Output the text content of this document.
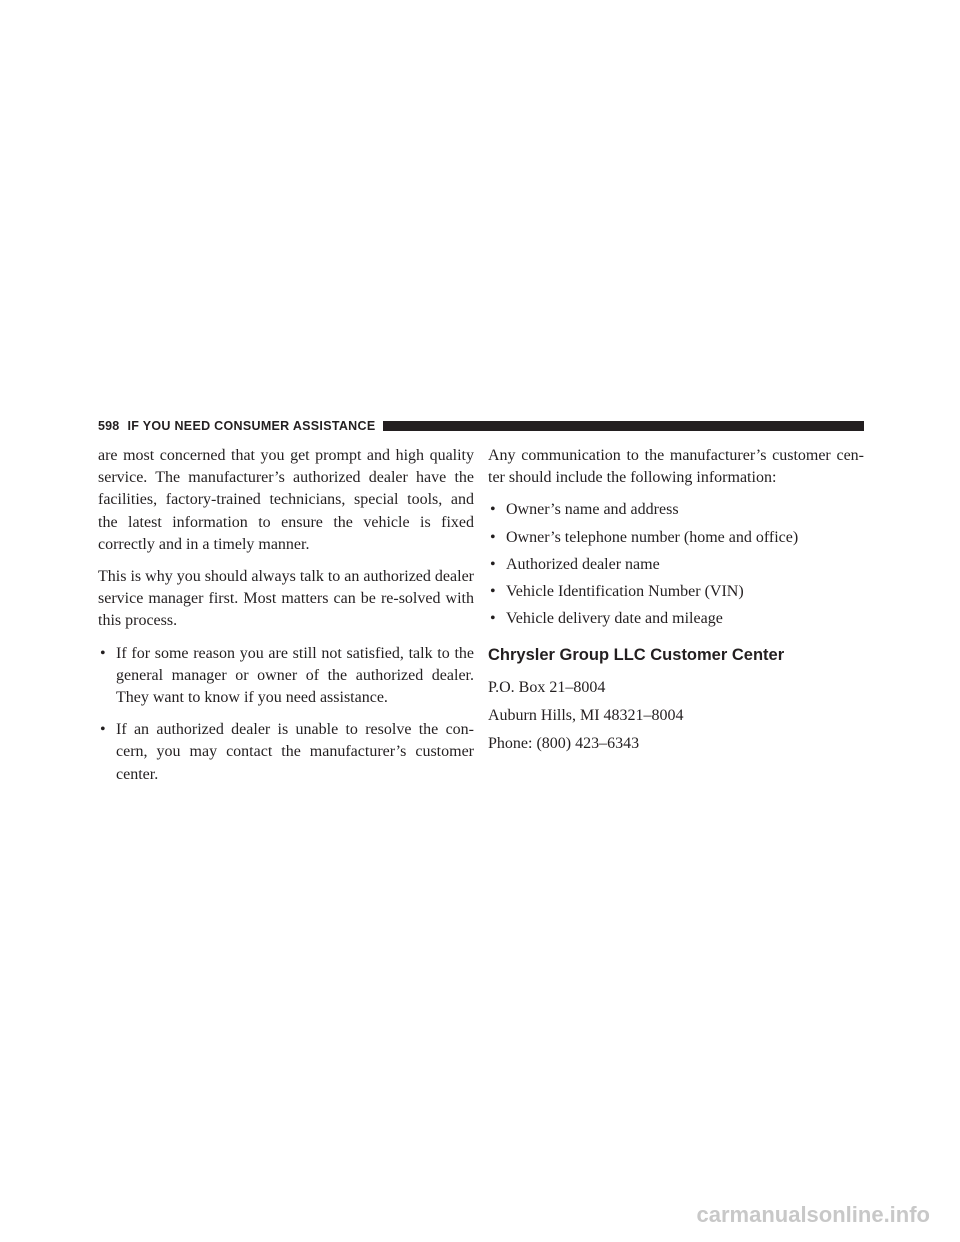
598 IF YOU NEED CONSUMER ASSISTANCE

are most concerned that you get prompt and high quality service. The manufacturer’s authorized dealer have the facilities, factory-trained technicians, special tools, and the latest information to ensure the vehicle is fixed correctly and in a timely manner.

This is why you should always talk to an authorized dealer service manager first. Most matters can be re-solved with this process.

• If for some reason you are still not satisfied, talk to the general manager or owner of the authorized dealer. They want to know if you need assistance.
• If an authorized dealer is unable to resolve the con-cern, you may contact the manufacturer’s customer center.

Any communication to the manufacturer’s customer cen-ter should include the following information:

• Owner’s name and address
• Owner’s telephone number (home and office)
• Authorized dealer name
• Vehicle Identification Number (VIN)
• Vehicle delivery date and mileage
Chrysler Group LLC Customer Center

P.O. Box 21–8004

Auburn Hills, MI 48321–8004

Phone: (800) 423–6343

carmanualsonline.info
